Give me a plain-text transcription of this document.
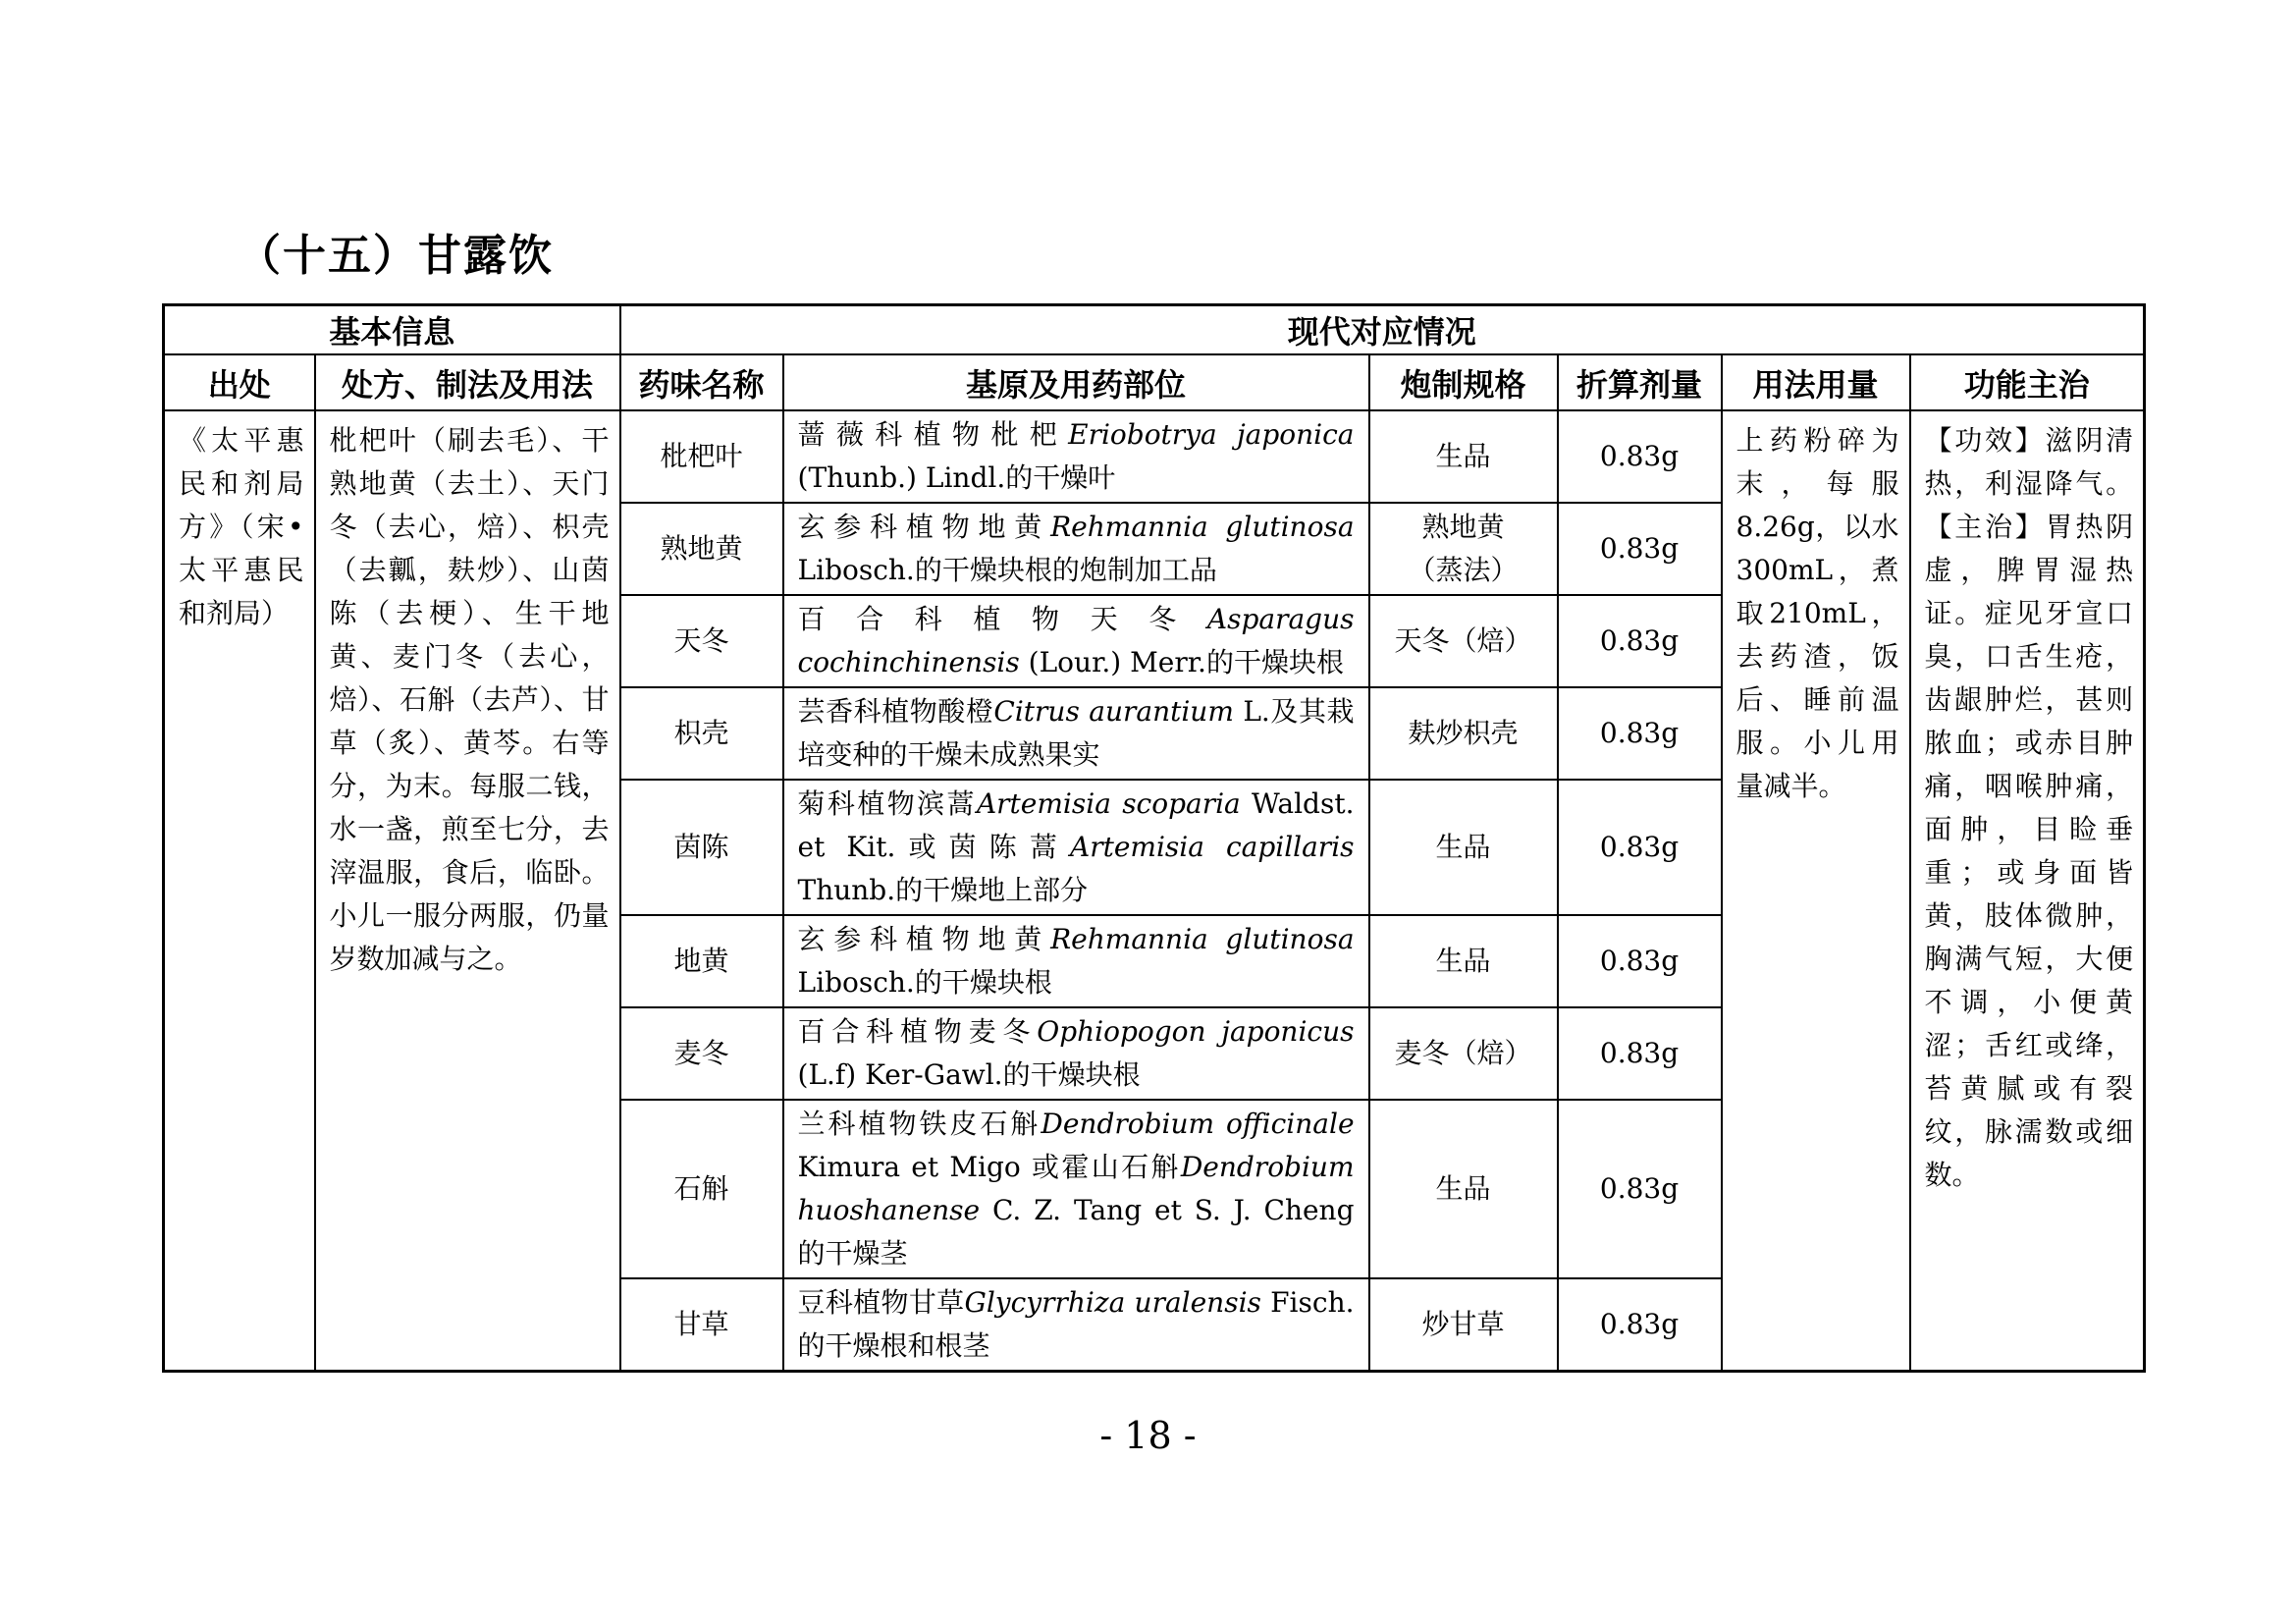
（十五）甘露饮
基本信息		现代对应情况					
出处	处方、制法及用法	药味名称	基原及用药部位	炮制规格	折算剂量	用法用量	功能主治
《太平惠民和剂局方》（宋•太平惠民和剂局）	枇杷叶（刷去毛）、干熟地黄（去土）、天门冬（去心，焙）、枳壳（去瓤，麸炒）、山茵陈（去梗）、生干地黄、麦门冬（去心，焙）、石斛（去芦）、甘草（炙）、黄芩。右等分，为末。每服二钱，水一盏，煎至七分，去滓温服，食后，临卧。小儿一服分两服，仍量岁数加减与之。	枇杷叶	蔷薇科植物枇杷Eriobotrya japonica (Thunb.) Lindl.的干燥叶	生品	0.83g	上药粉碎为末，每服8.26g，以水300mL，煮取210mL，去药渣，饭后、睡前温服。小儿用量减半。	【功效】滋阴清热，利湿降气。【主治】胃热阴虚，脾胃湿热证。症见牙宣口臭，口舌生疮，齿龈肿烂，甚则脓血；或赤目肿痛，咽喉肿痛，面肿，目睑垂重；或身面皆黄，肢体微肿，胸满气短，大便不调，小便黄涩；舌红或绛，苔黄腻或有裂纹，脉濡数或细数。
		熟地黄	玄参科植物地黄Rehmannia glutinosa Libosch.的干燥块根的炮制加工品	熟地黄（蒸法）	0.83g		
		天冬	百合科植物天冬Asparagus cochinchinensis (Lour.) Merr.的干燥块根	天冬（焙）	0.83g		
		枳壳	芸香科植物酸橙Citrus aurantium L.及其栽培变种的干燥未成熟果实	麸炒枳壳	0.83g		
		茵陈	菊科植物滨蒿Artemisia scoparia Waldst. et Kit.或茵陈蒿Artemisia capillaris Thunb.的干燥地上部分	生品	0.83g		
		地黄	玄参科植物地黄Rehmannia glutinosa Libosch.的干燥块根	生品	0.83g		
		麦冬	百合科植物麦冬Ophiopogon japonicus (L.f) Ker-Gawl.的干燥块根	麦冬（焙）	0.83g		
		石斛	兰科植物铁皮石斛Dendrobium officinale Kimura et Migo 或霍山石斛Dendrobium huoshanense C. Z. Tang et S. J. Cheng 的干燥茎	生品	0.83g		
		甘草	豆科植物甘草Glycyrrhiza uralensis Fisch.的干燥根和根茎	炒甘草	0.83g		
- 18 -
